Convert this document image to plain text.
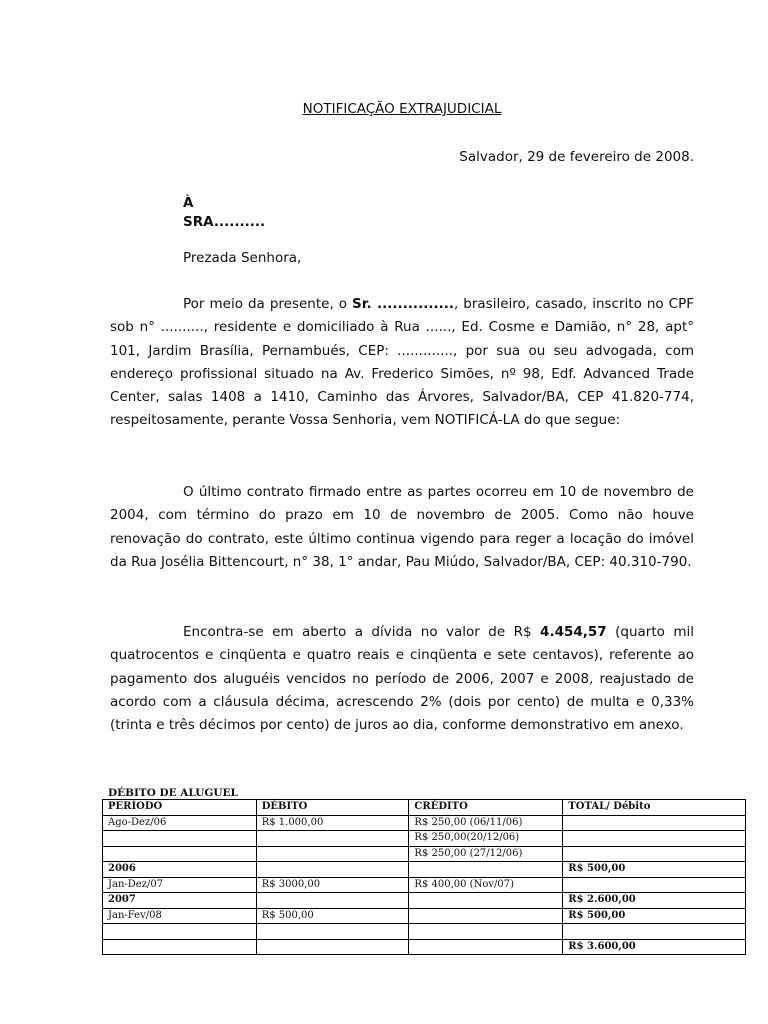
NOTIFICAÇÃO EXTRAJUDICIAL
Salvador, 29 de fevereiro de 2008.
À
SRA..........
Prezada Senhora,
Por meio da presente, o Sr. ..............., brasileiro, casado, inscrito no CPF sob n° .........., residente e domiciliado à Rua ......, Ed. Cosme e Damião, n° 28, apt° 101, Jardim Brasília, Pernambués, CEP: ............., por sua ou seu advogada, com endereço profissional situado na Av. Frederico Simões, nº 98, Edf. Advanced Trade Center, salas 1408 a 1410, Caminho das Árvores, Salvador/BA, CEP 41.820-774, respeitosamente, perante Vossa Senhoria, vem NOTIFICÁ-LA do que segue:
O último contrato firmado entre as partes ocorreu em 10 de novembro de 2004, com término do prazo em 10 de novembro de 2005. Como não houve renovação do contrato, este último continua vigendo para reger a locação do imóvel da Rua Josélia Bittencourt, n° 38, 1° andar, Pau Miúdo, Salvador/BA, CEP: 40.310-790.
Encontra-se em aberto a dívida no valor de R$ 4.454,57 (quarto mil quatrocentos e cinqüenta e quatro reais e cinqüenta e sete centavos), referente ao pagamento dos aluguéis vencidos no período de 2006, 2007 e 2008, reajustado de acordo com a cláusula décima, acrescendo 2% (dois por cento) de multa e 0,33% (trinta e três décimos por cento) de juros ao dia, conforme demonstrativo em anexo.
DÉBITO DE ALUGUEL
PERÍODO	DÉBITO	CRÉDITO	TOTAL/ Débito
Ago-Dez/06	R$ 1.000,00	R$ 250,00 (06/11/06)	
		R$ 250,00(20/12/06)	
		R$ 250,00 (27/12/06)	
2006			R$ 500,00
Jan-Dez/07	R$ 3000,00	R$ 400,00 (Nov/07)	
2007			R$ 2.600,00
Jan-Fev/08	R$ 500,00		R$ 500,00

			R$ 3.600,00
